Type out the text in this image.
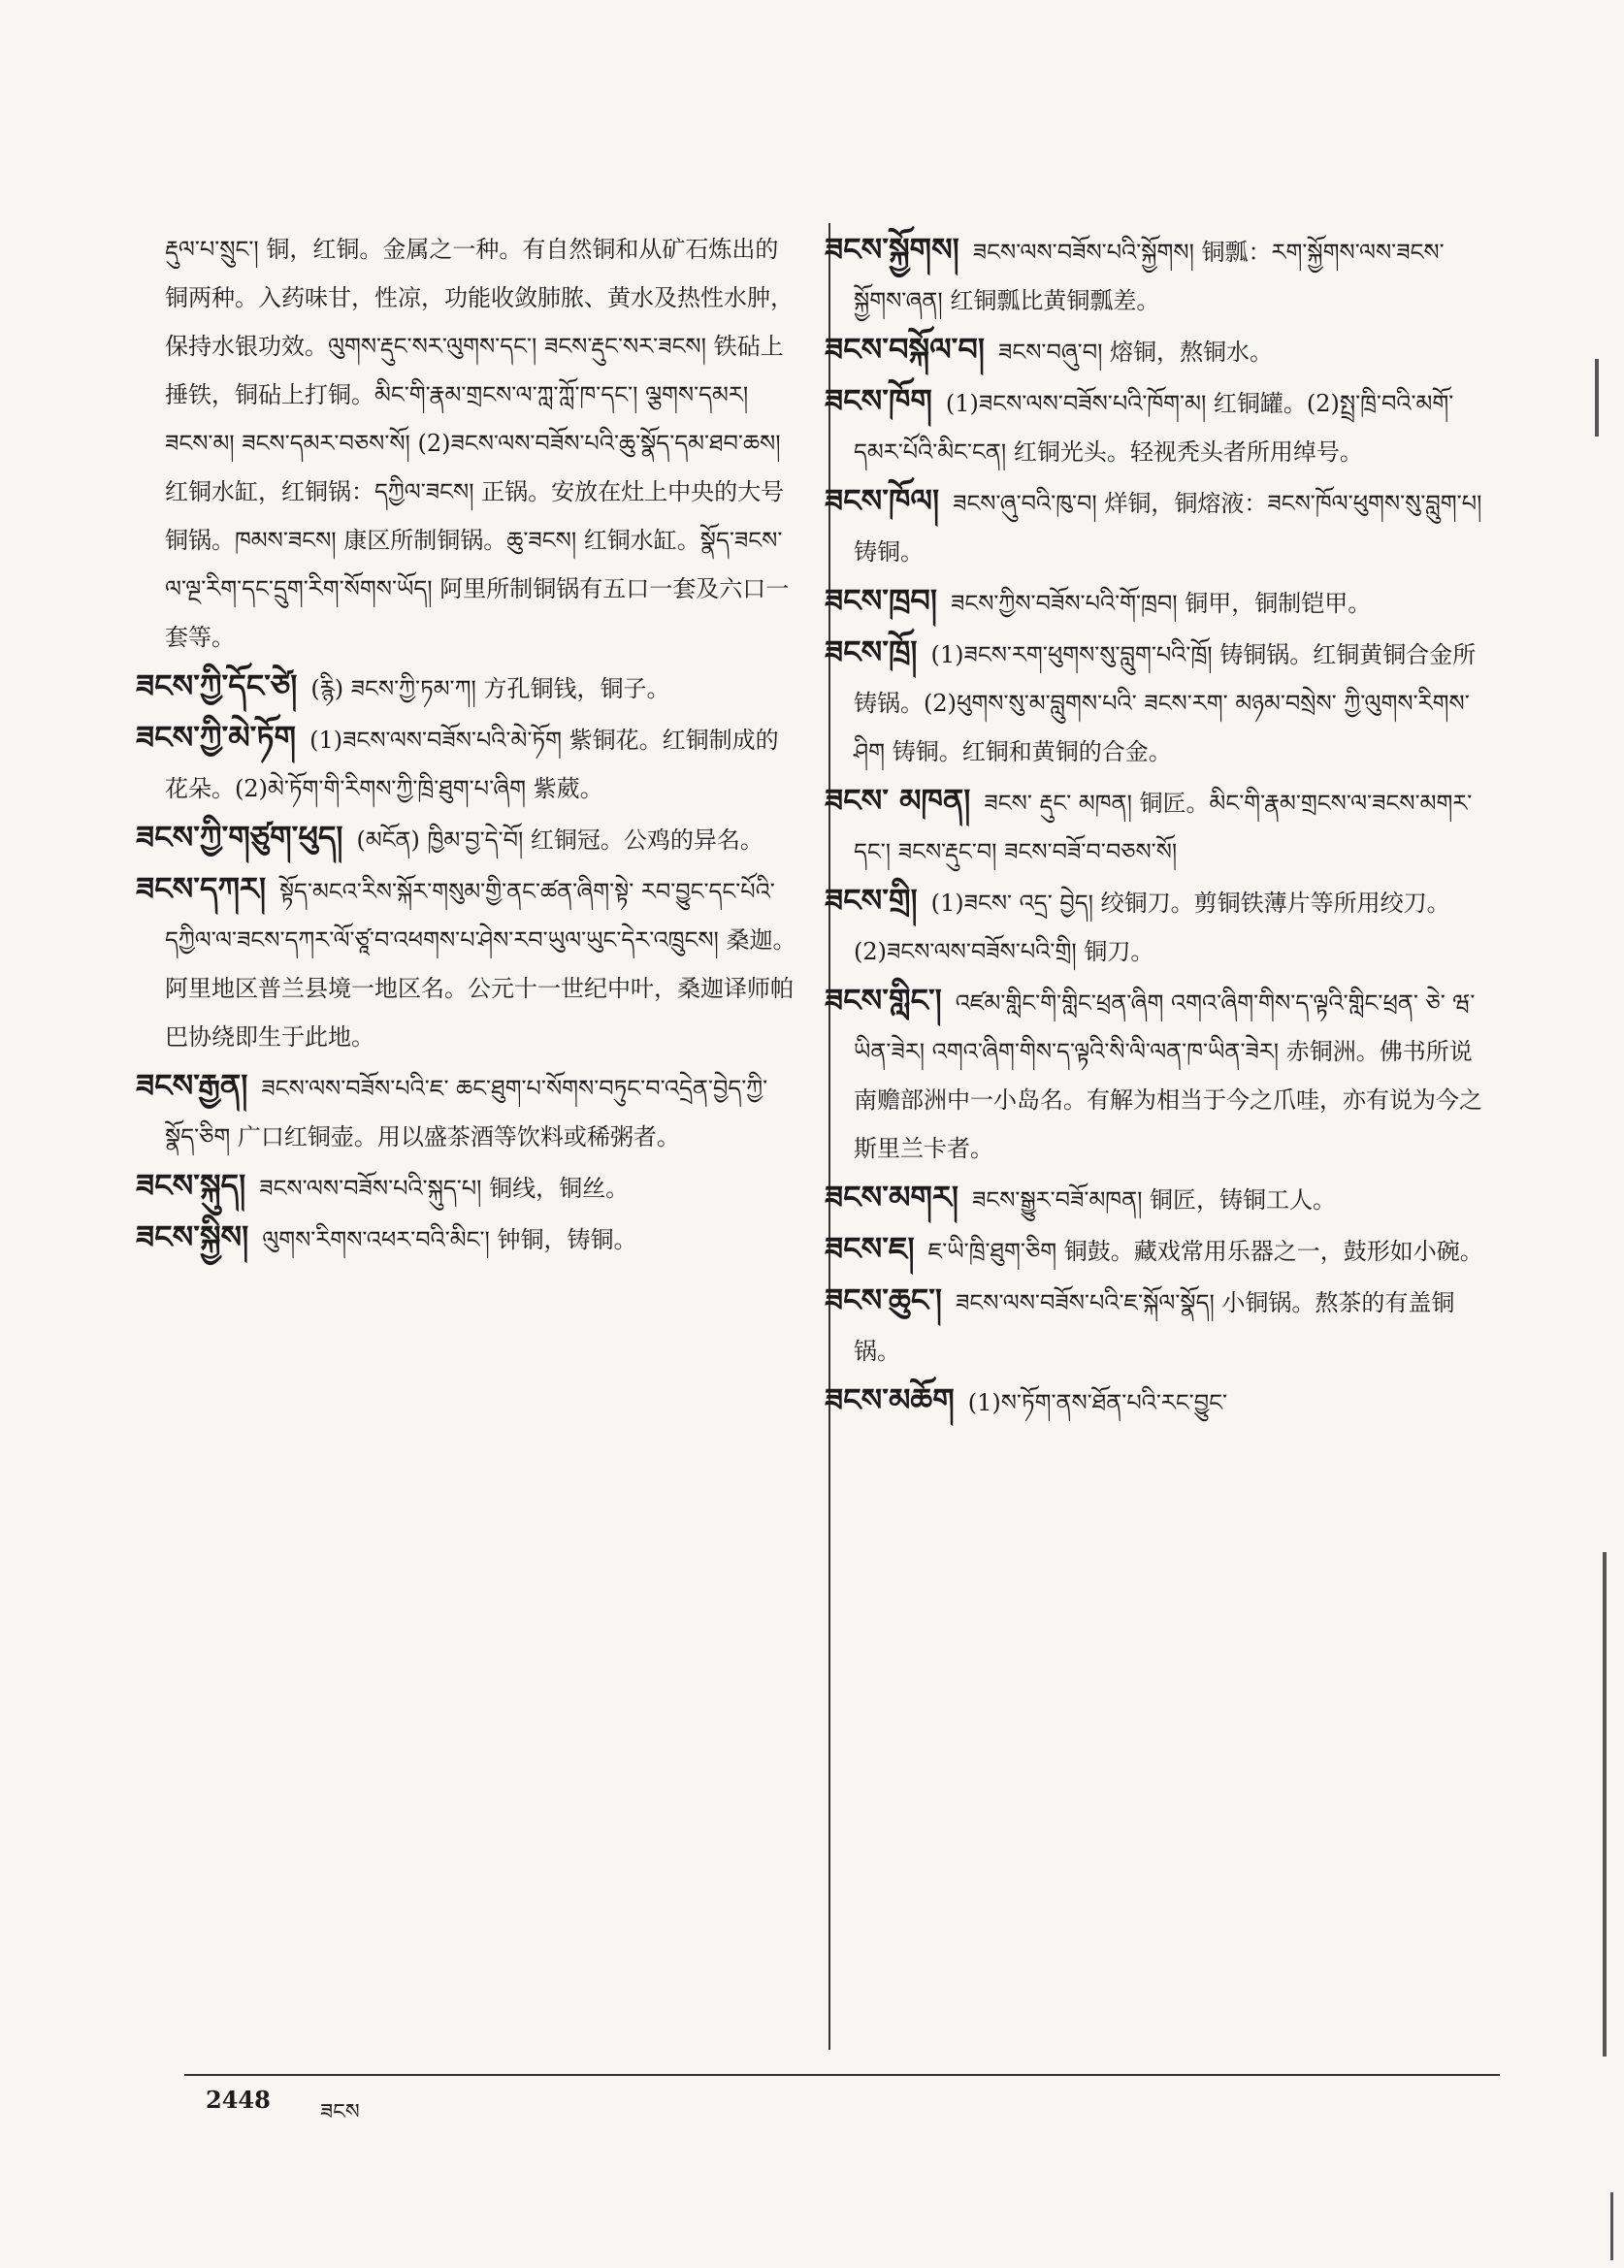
རྡུལ་པ་སྲུང་། 铜，红铜。金属之一种。有自然铜和从矿石炼出的铜两种。入药味甘，性凉，功能收敛肺脓、黄水及热性水肿，保持水银功效。ལུགས་རྡུང་སར་ལུགས་དང་། ཟངས་རྡུང་སར་ཟངས། 铁砧上捶铁，铜砧上打铜。མིང་གི་རྣམ་གྲངས་ལ་ཀླ་ཀློ་ཁ་དང་། ལྕགས་དམར། ཟངས་མ། ཟངས་དམར་བཅས་སོ། (2)ཟངས་ལས་བཟོས་པའི་ཆུ་སྣོད་དམ་ཐབ་ཆས།红铜水缸，红铜锅：དཀྱིལ་ཟངས། 正锅。安放在灶上中央的大号铜锅。ཁམས་ཟངས། 康区所制铜锅。ཆུ་ཟངས། 红铜水缸。སྣོད་ཟངས་ལ་ལྔ་རིག་དང་དྲུག་རིག་སོགས་ཡོད། 阿里所制铜锅有五口一套及六口一套等。

ཟངས་ཀྱི་དོང་ཙེ། (རྙི) ཟངས་ཀྱི་ཏམ་ཀ། 方孔铜钱，铜子。

ཟངས་ཀྱི་མེ་ཏོག (1)ཟངས་ལས་བཟོས་པའི་མེ་ཏོག 紫铜花。红铜制成的花朵。(2)མེ་ཏོག་གི་རིགས་ཀྱི་ཁྲི་ཐུག་པ་ཞིག 紫葳。

ཟངས་ཀྱི་གཙུག་ཕུད། (མངོན) ཁྱིམ་བྱ་དེ་བོ། 红铜冠。公鸡的异名。

ཟངས་དཀར། སྟོད་མངའ་རིས་སྐོར་གསུམ་གྱི་ནང་ཚན་ཞིག་སྟེ་ རབ་བྱུང་དང་པོའི་དཀྱིལ་ལ་ཟངས་དཀར་ལོ་ཙཱ་བ་འཕགས་པ་ཤེས་རབ་ཡུལ་ཡུང་དེར་འཁྲུངས། 桑迦。阿里地区普兰县境一地区名。公元十一世纪中叶，桑迦译师帕巴协绕即生于此地。

ཟངས་རྒྱན། ཟངས་ལས་བཟོས་པའི་ཇ་ ཆང་ཐུག་པ་སོགས་བཏུང་བ་འདྲེན་བྱེད་ཀྱི་སྣོད་ཅིག 广口红铜壶。用以盛茶酒等饮料或稀粥者。

ཟངས་སྐུད། ཟངས་ལས་བཟོས་པའི་སྐུད་པ། 铜线，铜丝。

ཟངས་སྐྱིས། ལུགས་རིགས་འཕར་བའི་མིང་། 钟铜，铸铜。

ཟངས་སྐྱོགས། ཟངས་ལས་བཟོས་པའི་སྐྱོགས། 铜瓢：རག་སྐྱོགས་ལས་ཟངས་སྐྱོགས་ཞན། 红铜瓢比黄铜瓢差。

ཟངས་བསྐོལ་བ། ཟངས་བཞུ་བ། 熔铜，熬铜水。

ཟངས་ཁོག (1)ཟངས་ལས་བཟོས་པའི་ཁོག་མ། 红铜罐。(2)སྤྲ་ཁྲི་བའི་མགོ་དམར་པོའི་མིང་ངན། 红铜光头。轻视秃头者所用绰号。

ཟངས་ཁོལ། ཟངས་ཞུ་བའི་ཁུ་བ། 烊铜，铜熔液：ཟངས་ཁོལ་ཕུགས་སུ་བླུག་པ། 铸铜。

ཟངས་ཁྲབ། ཟངས་ཀྱིས་བཟོས་པའི་གོ་ཁྲབ། 铜甲，铜制铠甲。

ཟངས་ཁྲོ། (1)ཟངས་རག་ཕུགས་སུ་བླུག་པའི་ཁྲོ། 铸铜锅。红铜黄铜合金所铸锅。(2)ཕུགས་སུ་མ་བླུགས་པའི་ ཟངས་རག་ མཉམ་བསྲེས་ ཀྱི་ལུགས་རིགས་ཤིག 铸铜。红铜和黄铜的合金。

ཟངས་ མཁན། ཟངས་ རྡུང་ མཁན། 铜匠。མིང་གི་རྣམ་གྲངས་ལ་ཟངས་མགར་དང་། ཟངས་རྡུང་བ། ཟངས་བཟོ་བ་བཅས་སོ།

ཟངས་གྲི། (1)ཟངས་ འདྲ་ བྱེད། 绞铜刀。剪铜铁薄片等所用绞刀。(2)ཟངས་ལས་བཟོས་པའི་གྲི། 铜刀。

ཟངས་གླིང་། འཛམ་གླིང་གི་གླིང་ཕྲན་ཞིག འགའ་ཞིག་གིས་ད་ལྟའི་གླིང་ཕྲན་ ཅེ་ ཝ་ ཡིན་ཟེར། འགའ་ཞིག་གིས་ད་ལྟའི་སི་ལི་ལན་ཁ་ཡིན་ཟེར། 赤铜洲。佛书所说南赡部洲中一小岛名。有解为相当于今之爪哇，亦有说为今之斯里兰卡者。

ཟངས་མགར། ཟངས་སྒྱུར་བཟོ་མཁན། 铜匠，铸铜工人。

ཟངས་ཇ། ཇ་ཡི་ཁྲི་ཐུག་ཅིག 铜鼓。藏戏常用乐器之一，鼓形如小碗。

ཟངས་ཆུང་། ཟངས་ལས་བཟོས་པའི་ཇ་སྐོལ་སྣོད། 小铜锅。熬茶的有盖铜锅。

ཟངས་མཆོག (1)ས་ཏོག་ནས་ཐོན་པའི་རང་བྱུང་

2448 ཟངས
